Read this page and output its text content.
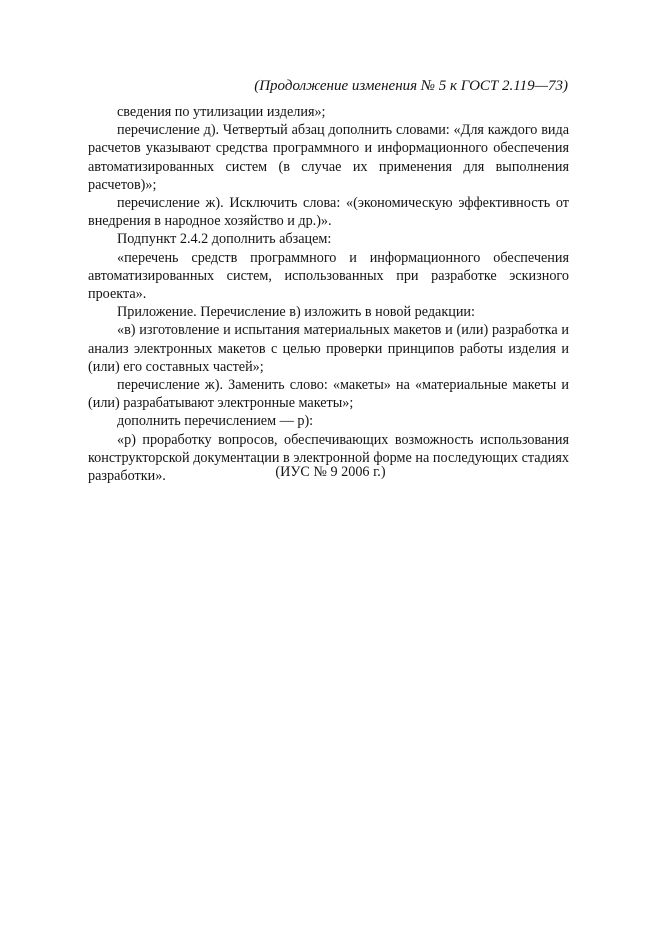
(Продолжение изменения № 5 к ГОСТ 2.119—73)

сведения по утилизации изделия»;

перечисление д). Четвертый абзац дополнить словами: «Для каждого вида расчетов указывают средства программного и информационного обеспечения автоматизированных систем (в случае их применения для выполнения расчетов)»;

перечисление ж). Исключить слова: «(экономическую эффективность от внедрения в народное хозяйство и др.)».

Подпункт 2.4.2 дополнить абзацем:

«перечень средств программного и информационного обеспечения автоматизированных систем, использованных при разработке эскизного проекта».

Приложение. Перечисление в) изложить в новой редакции:

«в) изготовление и испытания материальных макетов и (или) разработка и анализ электронных макетов с целью проверки принципов работы изделия и (или) его составных частей»;

перечисление ж). Заменить слово: «макеты» на «материальные макеты и (или) разрабатывают электронные макеты»;

дополнить перечислением — р):

«р) проработку вопросов, обеспечивающих возможность использования конструкторской документации в электронной форме на последующих стадиях разработки».	(ИУС № 9 2006 г.)
